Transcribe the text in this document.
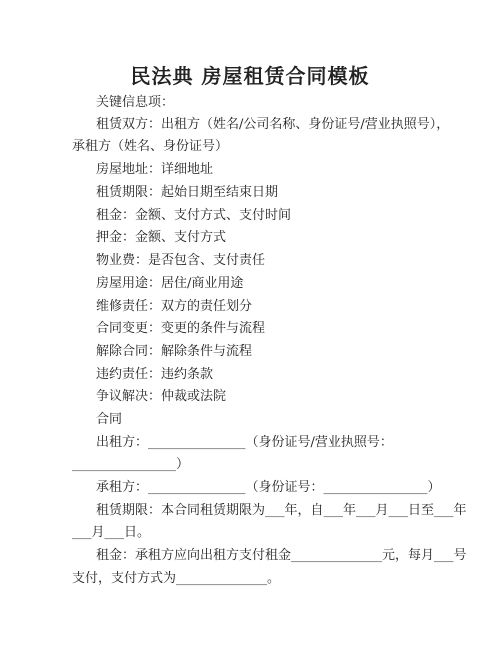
民法典 房屋租赁合同模板
关键信息项：
租赁双方：出租方（姓名/公司名称、身份证号/营业执照号），
承租方（姓名、身份证号）
房屋地址：详细地址
租赁期限：起始日期至结束日期
租金：金额、支付方式、支付时间
押金：金额、支付方式
物业费：是否包含、支付责任
房屋用途：居住/商业用途
维修责任：双方的责任划分
合同变更：变更的条件与流程
解除合同：解除条件与流程
违约责任：违约条款
争议解决：仲裁或法院
合同
出租方：_______________（身份证号/营业执照号：
________________）
承租方：_______________（身份证号：________________）
租赁期限：本合同租赁期限为___年，自___年___月___日至___年
___月___日。
租金：承租方应向出租方支付租金______________元，每月___号
支付，支付方式为______________。
